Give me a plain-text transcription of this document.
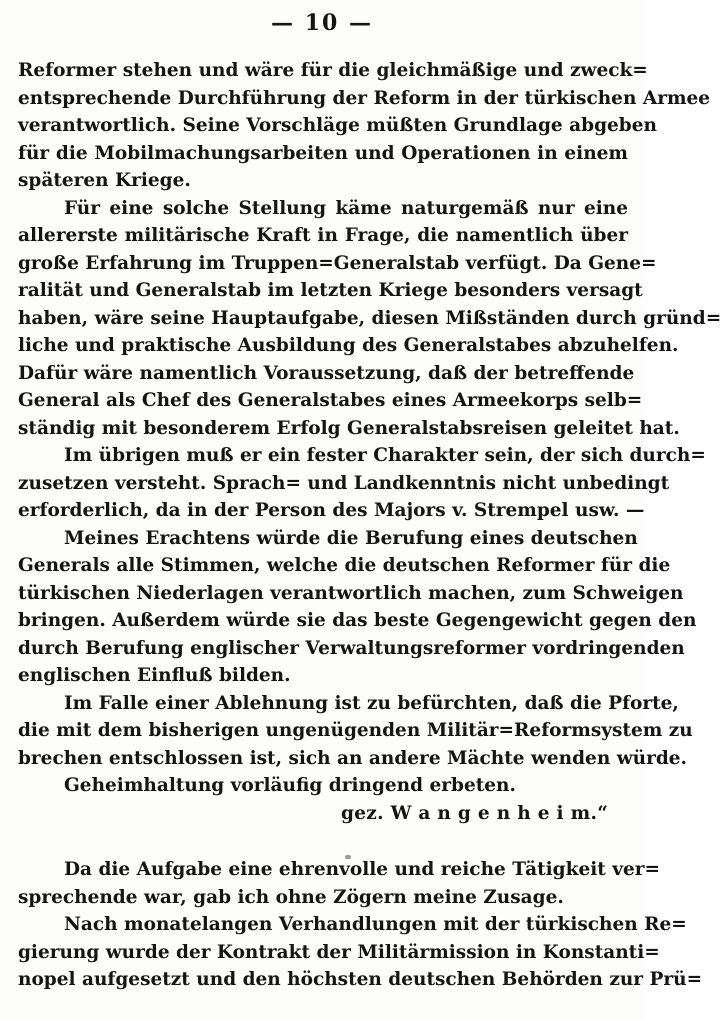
— 10 —
Reformer stehen und wäre für die gleichmäßige und zweck=
entsprechende Durchführung der Reform in der türkischen Armee
verantwortlich. Seine Vorschläge müßten Grundlage abgeben
für die Mobilmachungsarbeiten und Operationen in einem
späteren Kriege.
Für eine solche Stellung käme naturgemäß nur eine
allererste militärische Kraft in Frage, die namentlich über
große Erfahrung im Truppen=Generalstab verfügt. Da Gene=
ralität und Generalstab im letzten Kriege besonders versagt
haben, wäre seine Hauptaufgabe, diesen Mißständen durch gründ=
liche und praktische Ausbildung des Generalstabes abzuhelfen.
Dafür wäre namentlich Voraussetzung, daß der betreffende
General als Chef des Generalstabes eines Armeekorps selb=
ständig mit besonderem Erfolg Generalstabsreisen geleitet hat.
Im übrigen muß er ein fester Charakter sein, der sich durch=
zusetzen versteht. Sprach= und Landkenntnis nicht unbedingt
erforderlich, da in der Person des Majors v. Strempel usw. —
Meines Erachtens würde die Berufung eines deutschen
Generals alle Stimmen, welche die deutschen Reformer für die
türkischen Niederlagen verantwortlich machen, zum Schweigen
bringen. Außerdem würde sie das beste Gegengewicht gegen den
durch Berufung englischer Verwaltungsreformer vordringenden
englischen Einfluß bilden.
Im Falle einer Ablehnung ist zu befürchten, daß die Pforte,
die mit dem bisherigen ungenügenden Militär=Reformsystem zu
brechen entschlossen ist, sich an andere Mächte wenden würde.
Geheimhaltung vorläufig dringend erbeten.
gez. W a n g e n h e i m.“
Da die Aufgabe eine ehrenvolle und reiche Tätigkeit ver=
sprechende war, gab ich ohne Zögern meine Zusage.
Nach monatelangen Verhandlungen mit der türkischen Re=
gierung wurde der Kontrakt der Militärmission in Konstanti=
nopel aufgesetzt und den höchsten deutschen Behörden zur Prü=
